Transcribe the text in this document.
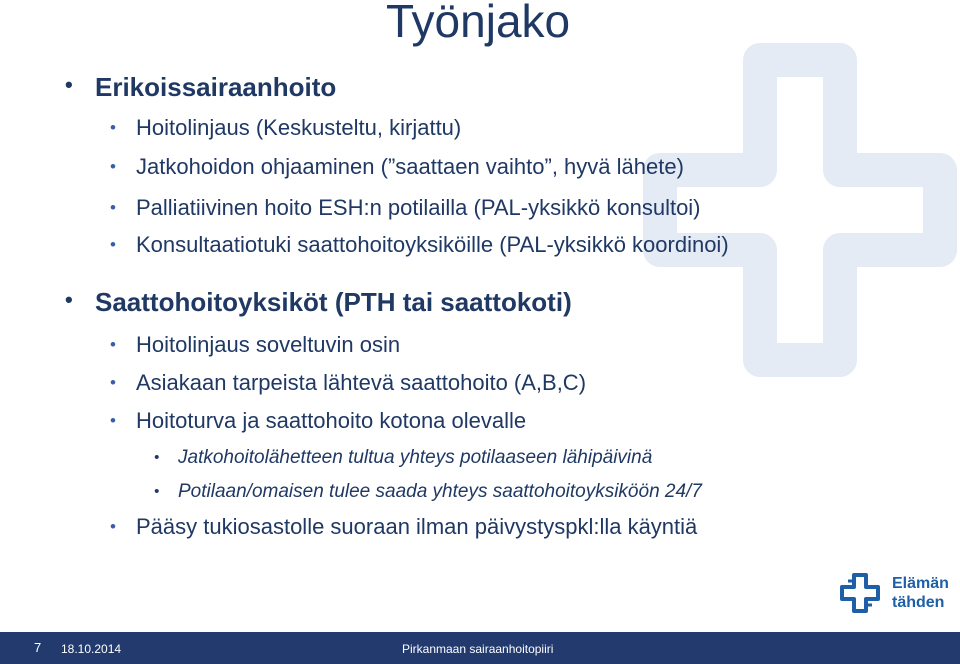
Työnjako
• Erikoissairaanhoito
• Hoitolinjaus (Keskusteltu, kirjattu)
• Jatkohoidon ohjaaminen (”saattaen vaihto”, hyvä lähete)
• Palliatiivinen hoito ESH:n potilailla (PAL-yksikkö konsultoi)
• Konsultaatiotuki saattohoitoyksiköille (PAL-yksikkö koordinoi)
• Saattohoitoyksiköt (PTH tai saattokoti)
• Hoitolinjaus soveltuvin osin
• Asiakaan tarpeista lähtevä saattohoito (A,B,C)
• Hoitoturva ja saattohoito kotona olevalle
• Jatkohoitolähetteen tultua yhteys potilaaseen lähipäivinä
• Potilaan/omaisen tulee saada yhteys saattohoitoyksiköön 24/7
• Pääsy tukiosastolle suoraan ilman päivystyspkl:lla käyntiä
Elämän
tähden
7 18.10.2014	Pirkanmaan sairaanhoitopiiri
